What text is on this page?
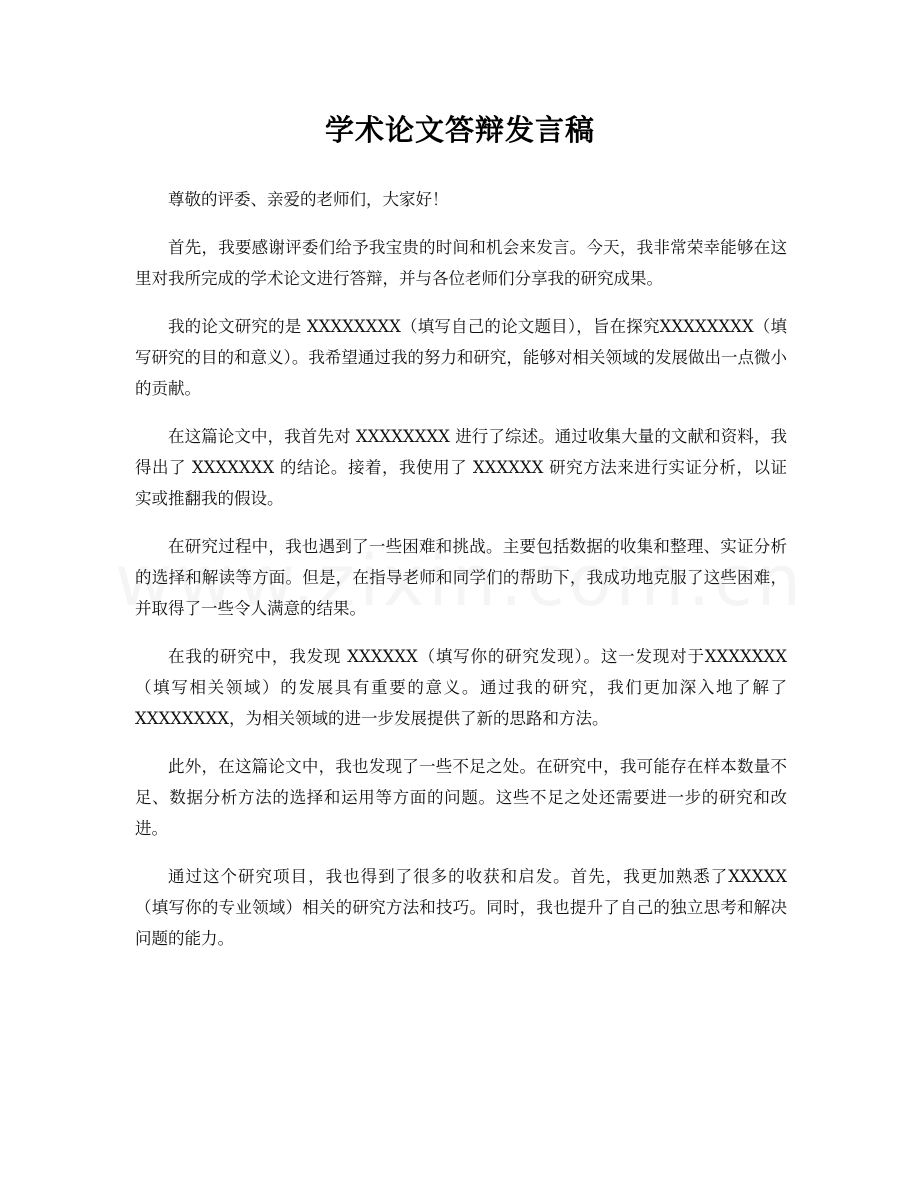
学术论文答辩发言稿

尊敬的评委、亲爱的老师们，大家好！

首先，我要感谢评委们给予我宝贵的时间和机会来发言。今天，我非常荣幸能够在这里对我所完成的学术论文进行答辩，并与各位老师们分享我的研究成果。

我的论文研究的是 XXXXXXXX（填写自己的论文题目），旨在探究XXXXXXXX（填写研究的目的和意义）。我希望通过我的努力和研究，能够对相关领域的发展做出一点微小的贡献。

在这篇论文中，我首先对 XXXXXXXX 进行了综述。通过收集大量的文献和资料，我得出了 XXXXXXX 的结论。接着，我使用了 XXXXXX 研究方法来进行实证分析，以证实或推翻我的假设。

在研究过程中，我也遇到了一些困难和挑战。主要包括数据的收集和整理、实证分析的选择和解读等方面。但是，在指导老师和同学们的帮助下，我成功地克服了这些困难，并取得了一些令人满意的结果。

在我的研究中，我发现 XXXXXX（填写你的研究发现）。这一发现对于XXXXXXX（填写相关领域）的发展具有重要的意义。通过我的研究，我们更加深入地了解了 XXXXXXXX，为相关领域的进一步发展提供了新的思路和方法。

此外，在这篇论文中，我也发现了一些不足之处。在研究中，我可能存在样本数量不足、数据分析方法的选择和运用等方面的问题。这些不足之处还需要进一步的研究和改进。

通过这个研究项目，我也得到了很多的收获和启发。首先，我更加熟悉了XXXXX（填写你的专业领域）相关的研究方法和技巧。同时，我也提升了自己的独立思考和解决问题的能力。
